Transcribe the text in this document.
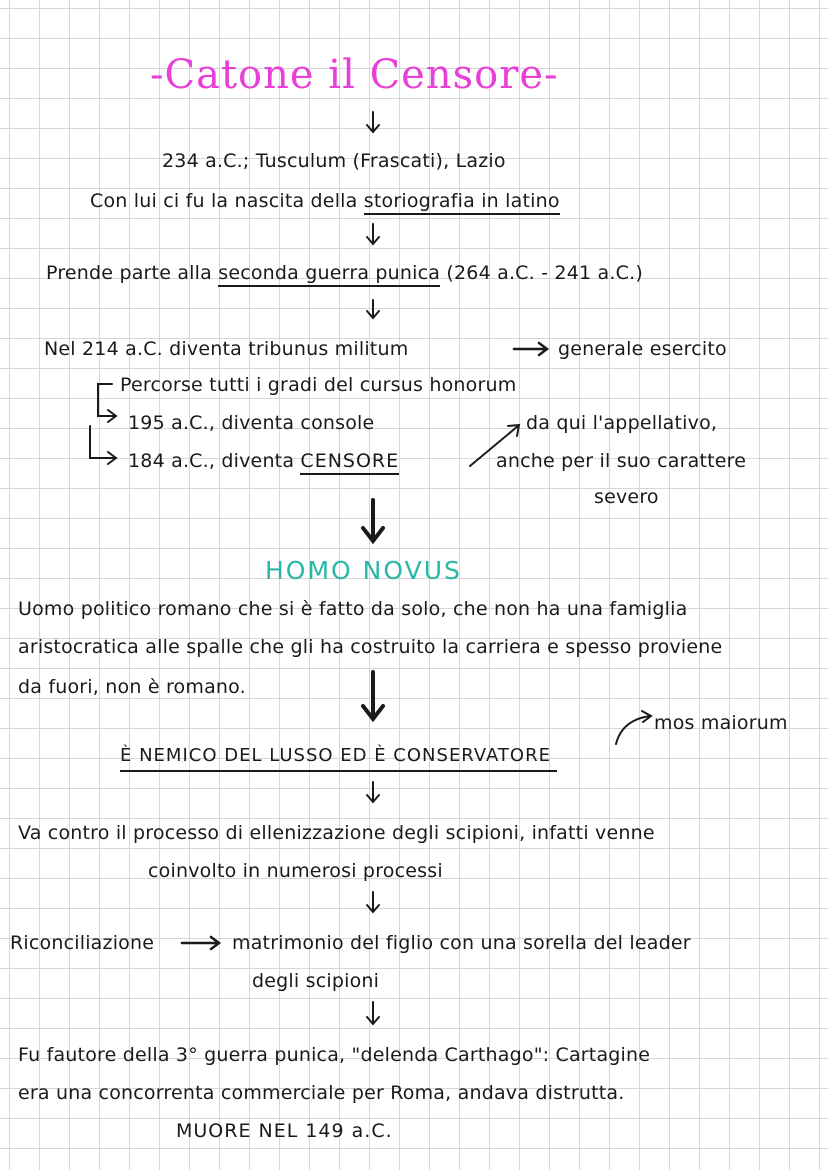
-Catone il Censore-
234 a.C.; Tusculum (Frascati), Lazio
Con lui ci fu la nascita della storiografia in latino
Prende parte alla seconda guerra punica (264 a.C. - 241 a.C.)
Nel 214 a.C. diventa tribunus militum	generale esercito
Percorse tutti i gradi del cursus honorum
195 a.C., diventa console
184 a.C., diventa CENSORE
da qui l'appellativo,
anche per il suo carattere
severo
HOMO NOVUS
Uomo politico romano che si è fatto da solo, che non ha una famiglia
aristocratica alle spalle che gli ha costruito la carriera e spesso proviene
da fuori, non è romano.
mos maiorum
È NEMICO DEL LUSSO ED È CONSERVATORE
Va contro il processo di ellenizzazione degli scipioni, infatti venne
coinvolto in numerosi processi
Riconciliazione	matrimonio del figlio con una sorella del leader
degli scipioni
Fu fautore della 3° guerra punica, "delenda Carthago": Cartagine
era una concorrenta commerciale per Roma, andava distrutta.
MUORE NEL 149 a.C.
